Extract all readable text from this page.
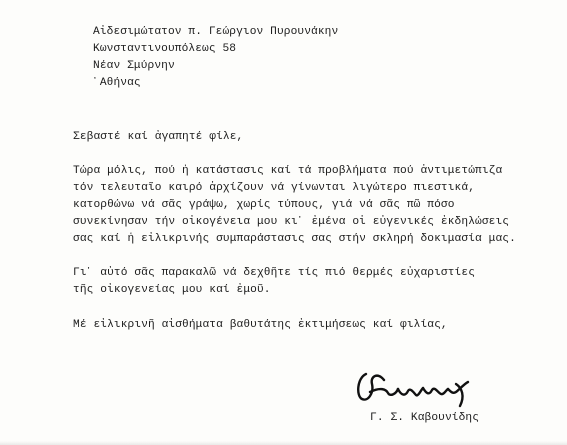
Αἰδεσιμώτατον π. Γεώργιον Πυρουνάκην
Κωνσταντινουπόλεως 58
Νέαν Σμύρνην
᾿Αθήνας
Σεβαστέ καί ἀγαπητέ φίλε,
Τώρα μόλις, πού ἡ κατάστασις καί τά προβλήματα πού ἀντιμετώπιζα
τόν τελευταῖο καιρό ἀρχίζουν νά γίνωνται λιγώτερο πιεστικά,
κατορθώνω νά σᾶς γράψω, χωρίς τύπους, γιά νά σᾶς πῶ πόσο
συνεκίνησαν τήν οἰκογένεια μου κι᾿ ἐμένα οἱ εὐγενικές ἐκδηλώσεις
σας καί ἡ εἰλικρινής συμπαράστασις σας στήν σκληρή δοκιμασία μας.
Γι᾿ αὐτό σᾶς παρακαλῶ νά δεχθῆτε τίς πιό θερμές εὐχαριστίες
τῆς οἰκογενείας μου καί ἐμοῦ.
Μέ εἰλικρινῆ αἰσθήματα βαθυτάτης ἐκτιμήσεως καί φιλίας,
Γ. Σ. Καβουνίδης
